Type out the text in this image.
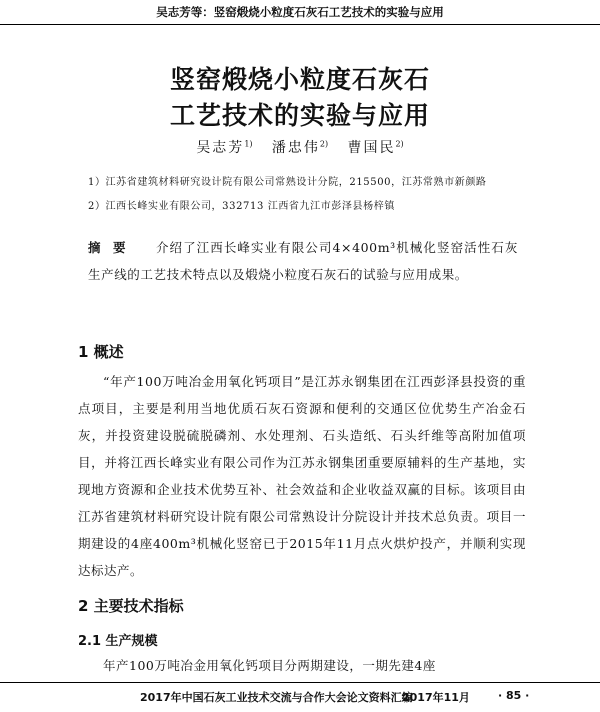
吴志芳等：竖窑煅烧小粒度石灰石工艺技术的实验与应用
竖窑煅烧小粒度石灰石
工艺技术的实验与应用
吴志芳$^{1)}$ 潘忠伟$^{2)}$ 曹国民$^{2)}$
1）江苏省建筑材料研究设计院有限公司常熟设计分院，215500，江苏常熟市新颜路
2）江西长峰实业有限公司，332713 江西省九江市彭泽县杨梓镇
摘要 介绍了江西长峰实业有限公司4×400m³机械化竖窑活性石灰生产线的工艺技术特点以及煅烧小粒度石灰石的试验与应用成果。
1 概述
“年产100万吨冶金用氧化钙项目”是江苏永钢集团在江西彭泽县投资的重点项目，主要是利用当地优质石灰石资源和便利的交通区位优势生产冶金石灰，并投资建设脱硫脱磷剂、水处理剂、石头造纸、石头纤维等高附加值项目，并将江西长峰实业有限公司作为江苏永钢集团重要原辅料的生产基地，实现地方资源和企业技术优势互补、社会效益和企业收益双赢的目标。该项目由江苏省建筑材料研究设计院有限公司常熟设计分院设计并技术总负责。项目一期建设的4座400m³机械化竖窑已于2015年11月点火烘炉投产，并顺利实现达标达产。
2 主要技术指标
2.1 生产规模
年产100万吨冶金用氧化钙项目分两期建设，一期先建4座
2017年中国石灰工业技术交流与合作大会论文资料汇编
2017年11月	· 85 ·
